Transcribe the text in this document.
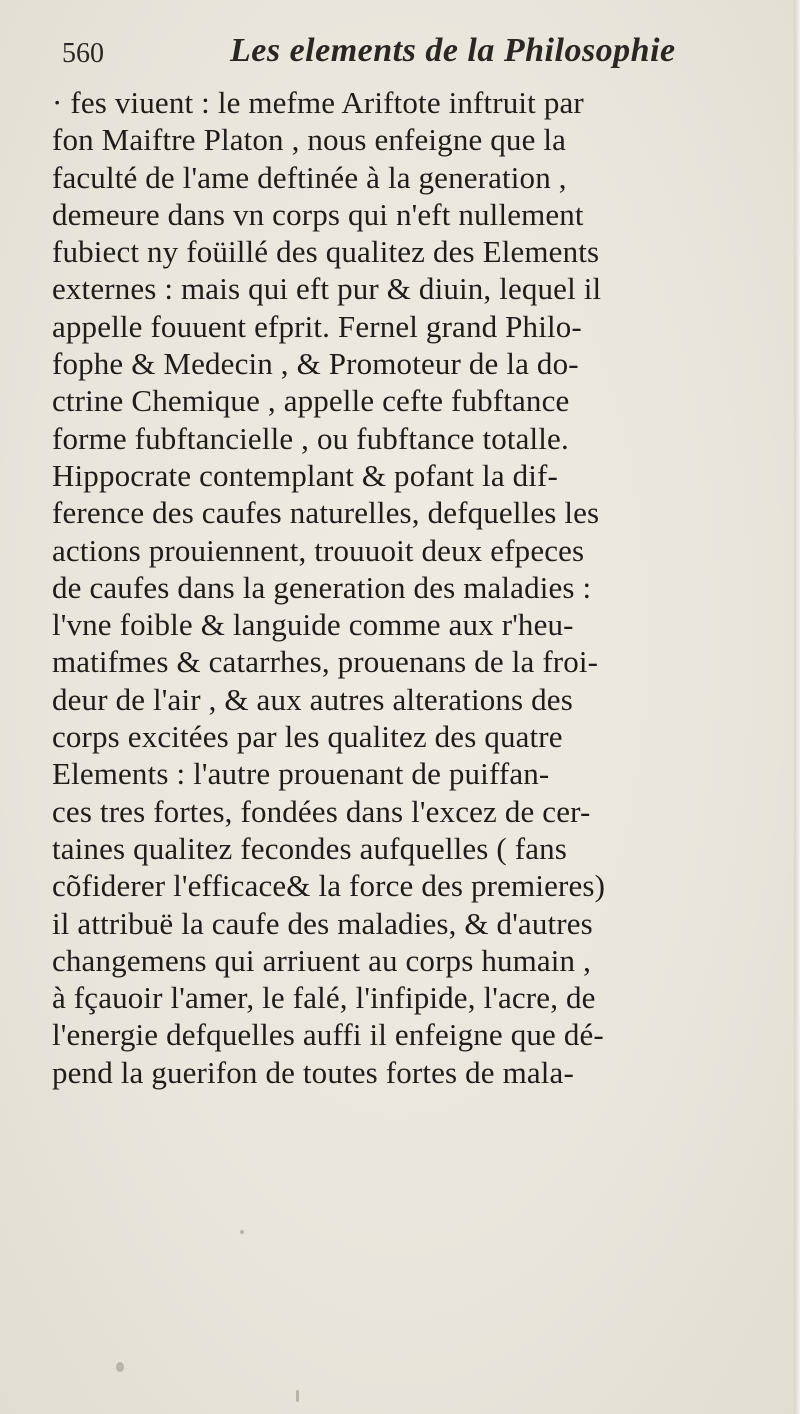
560	Les elements de la Philosophie
· fes viuent : le mefme Ariftote inftruit par
fon Maiftre Platon , nous enfeigne que la
faculté de l'ame deftinée à la generation ,
demeure dans vn corps qui n'eft nullement
fubiect ny foüillé des qualitez des Elements
externes : mais qui eft pur & diuin, lequel il
appelle fouuent efprit. Fernel grand Philo-
fophe & Medecin , & Promoteur de la do-
ctrine Chemique , appelle cefte fubftance
forme fubftancielle , ou fubftance totalle.
Hippocrate contemplant & pofant la dif-
ference des caufes naturelles, defquelles les
actions prouiennent, trouuoit deux efpeces
de caufes dans la generation des maladies :
l'vne foible & languide comme aux r'heu-
matifmes & catarrhes, prouenans de la froi-
deur de l'air , & aux autres alterations des
corps excitées par les qualitez des quatre
Elements : l'autre prouenant de puiffan-
ces tres fortes, fondées dans l'excez de cer-
taines qualitez fecondes aufquelles ( fans
cõfiderer l'efficace& la force des premieres)
il attribuë la caufe des maladies, & d'autres
changemens qui arriuent au corps humain ,
à fçauoir l'amer, le falé, l'infipide, l'acre, de
l'energie defquelles auffi il enfeigne que dé-
pend la guerifon de toutes fortes de mala-
